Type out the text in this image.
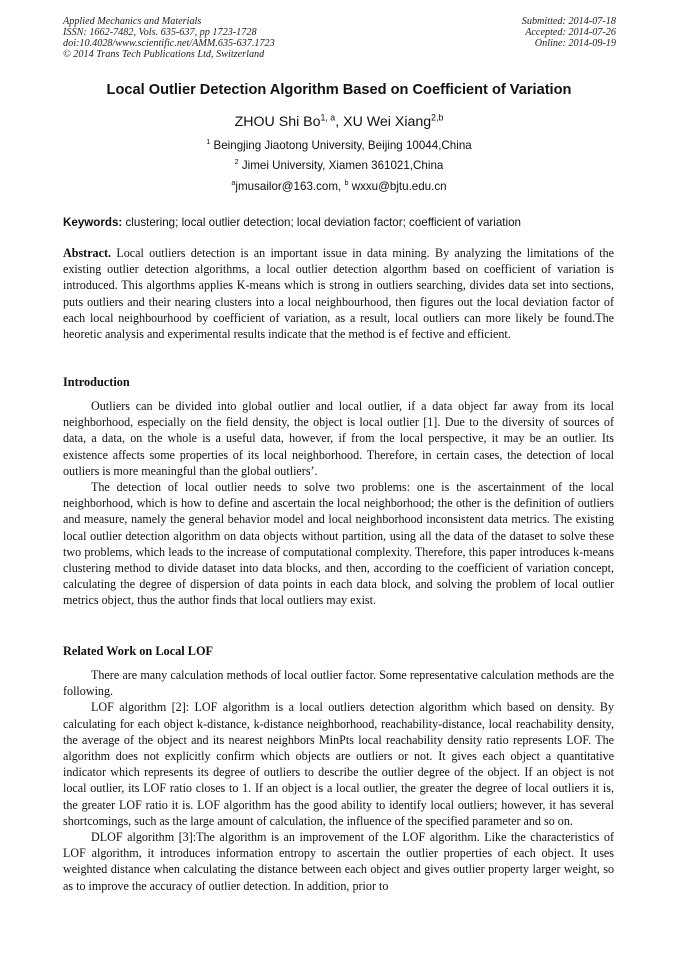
Applied Mechanics and Materials
ISSN: 1662-7482, Vols. 635-637, pp 1723-1728
doi:10.4028/www.scientific.net/AMM.635-637.1723
© 2014 Trans Tech Publications Ltd, Switzerland
Submitted: 2014-07-18
Accepted: 2014-07-26
Online: 2014-09-19
Local Outlier Detection Algorithm Based on Coefficient of Variation
ZHOU Shi Bo$^{1, a}$, XU Wei Xiang$^{2,b}$
$^1$ Beingjing Jiaotong University, Beijing 10044,China
$^2$ Jimei University, Xiamen 361021,China
$^a$jmusailor@163.com, $^b$ wxxu@bjtu.edu.cn
Keywords: clustering; local outlier detection; local deviation factor; coefficient of variation

Abstract. Local outliers detection is an important issue in data mining. By analyzing the limitations of the existing outlier detection algorithms, a local outlier detection algorthm based on coefficient of variation is introduced. This algorthms applies K-means which is strong in outliers searching, divides data set into sections, puts outliers and their nearing clusters into a local neighbourhood, then figures out the local deviation factor of each local neighbourhood by coefficient of variation, as a result, local outliers can more likely be found.The heoretic analysis and experimental results indicate that the method is ef fective and efficient.

Introduction

Outliers can be divided into global outlier and local outlier, if a data object far away from its local neighborhood, especially on the field density, the object is local outlier [1]. Due to the diversity of sources of data, a data, on the whole is a useful data, however, if from the local perspective, it may be an outlier. Its existence affects some properties of its local neighborhood. Therefore, in certain cases, the detection of local outliers is more meaningful than the global outliers’.

The detection of local outlier needs to solve two problems: one is the ascertainment of the local neighborhood, which is how to define and ascertain the local neighborhood; the other is the definition of outliers and measure, namely the general behavior model and local neighborhood inconsistent data metrics. The existing local outlier detection algorithm on data objects without partition, using all the data of the dataset to solve these two problems, which leads to the increase of computational complexity. Therefore, this paper introduces k-means clustering method to divide dataset into data blocks, and then, according to the coefficient of variation concept, calculating the degree of dispersion of data points in each data block, and solving the problem of local outlier metrics object, thus the author finds that local outliers may exist.

Related Work on Local LOF

There are many calculation methods of local outlier factor. Some representative calculation methods are the following.

LOF algorithm [2]: LOF algorithm is a local outliers detection algorithm which based on density. By calculating for each object k-distance, k-distance neighborhood, reachability-distance, local reachability density, the average of the object and its nearest neighbors MinPts local reachability density ratio represents LOF. The algorithm does not explicitly confirm which objects are outliers or not. It gives each object a quantitative indicator which represents its degree of outliers to describe the outlier degree of the object. If an object is not local outlier, its LOF ratio closes to 1. If an object is a local outlier, the greater the degree of local outliers it is, the greater LOF ratio it is. LOF algorithm has the good ability to identify local outliers; however, it has several shortcomings, such as the large amount of calculation, the influence of the specified parameter and so on.

DLOF algorithm [3]:The algorithm is an improvement of the LOF algorithm. Like the characteristics of LOF algorithm, it introduces information entropy to ascertain the outlier properties of each object. It uses weighted distance when calculating the distance between each object and gives outlier property larger weight, so as to improve the accuracy of outlier detection. In addition, prior to
